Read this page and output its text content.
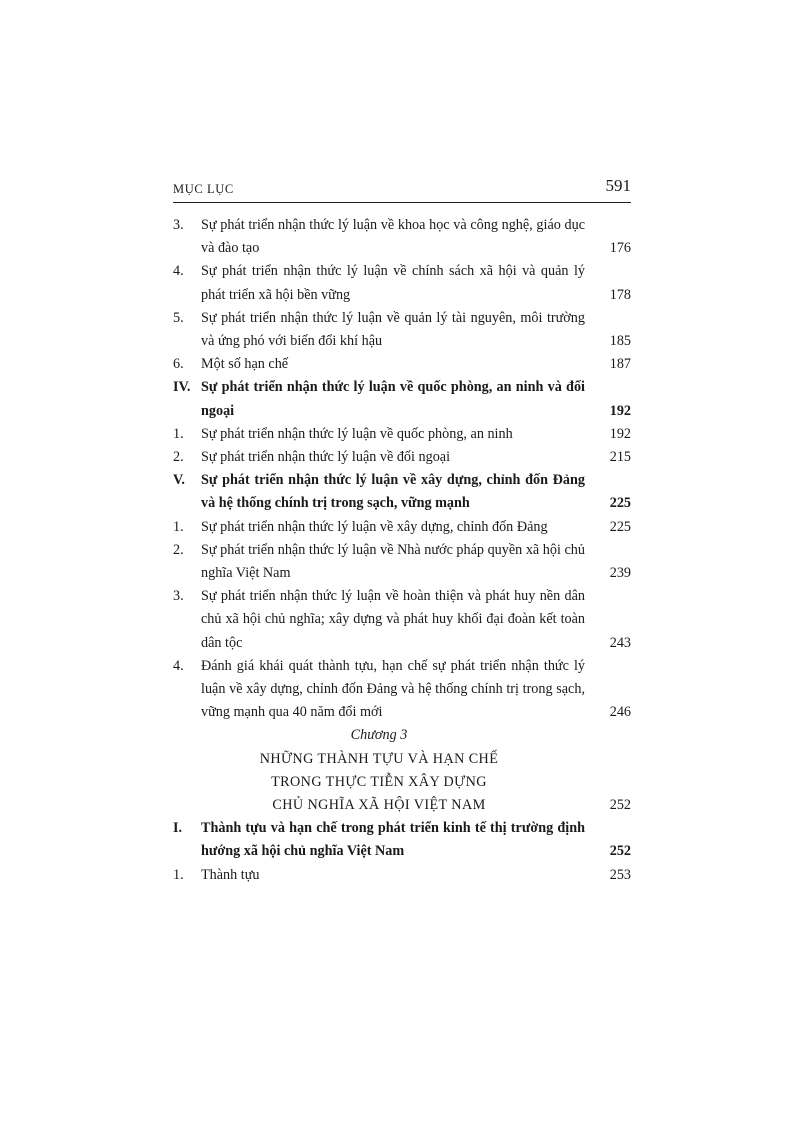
MỤC LỤC	591
3. Sự phát triển nhận thức lý luận về khoa học và công nghệ, giáo dục và đào tạo	176
4. Sự phát triển nhận thức lý luận về chính sách xã hội và quản lý phát triển xã hội bền vững	178
5. Sự phát triển nhận thức lý luận về quản lý tài nguyên, môi trường và ứng phó với biến đổi khí hậu	185
6. Một số hạn chế	187
IV. Sự phát triển nhận thức lý luận về quốc phòng, an ninh và đối ngoại	192
1. Sự phát triển nhận thức lý luận về quốc phòng, an ninh	192
2. Sự phát triển nhận thức lý luận về đối ngoại	215
V. Sự phát triển nhận thức lý luận về xây dựng, chỉnh đốn Đảng và hệ thống chính trị trong sạch, vững mạnh	225
1. Sự phát triển nhận thức lý luận về xây dựng, chỉnh đốn Đảng	225
2. Sự phát triển nhận thức lý luận về Nhà nước pháp quyền xã hội chủ nghĩa Việt Nam	239
3. Sự phát triển nhận thức lý luận về hoàn thiện và phát huy nền dân chủ xã hội chủ nghĩa; xây dựng và phát huy khối đại đoàn kết toàn dân tộc	243
4. Đánh giá khái quát thành tựu, hạn chế sự phát triển nhận thức lý luận về xây dựng, chỉnh đốn Đảng và hệ thống chính trị trong sạch, vững mạnh qua 40 năm đổi mới	246
Chương 3
NHỮNG THÀNH TỰU VÀ HẠN CHẾ
TRONG THỰC TIỄN XÂY DỰNG
CHỦ NGHĨA XÃ HỘI VIỆT NAM	252
I. Thành tựu và hạn chế trong phát triển kinh tế thị trường định hướng xã hội chủ nghĩa Việt Nam	252
1. Thành tựu	253
